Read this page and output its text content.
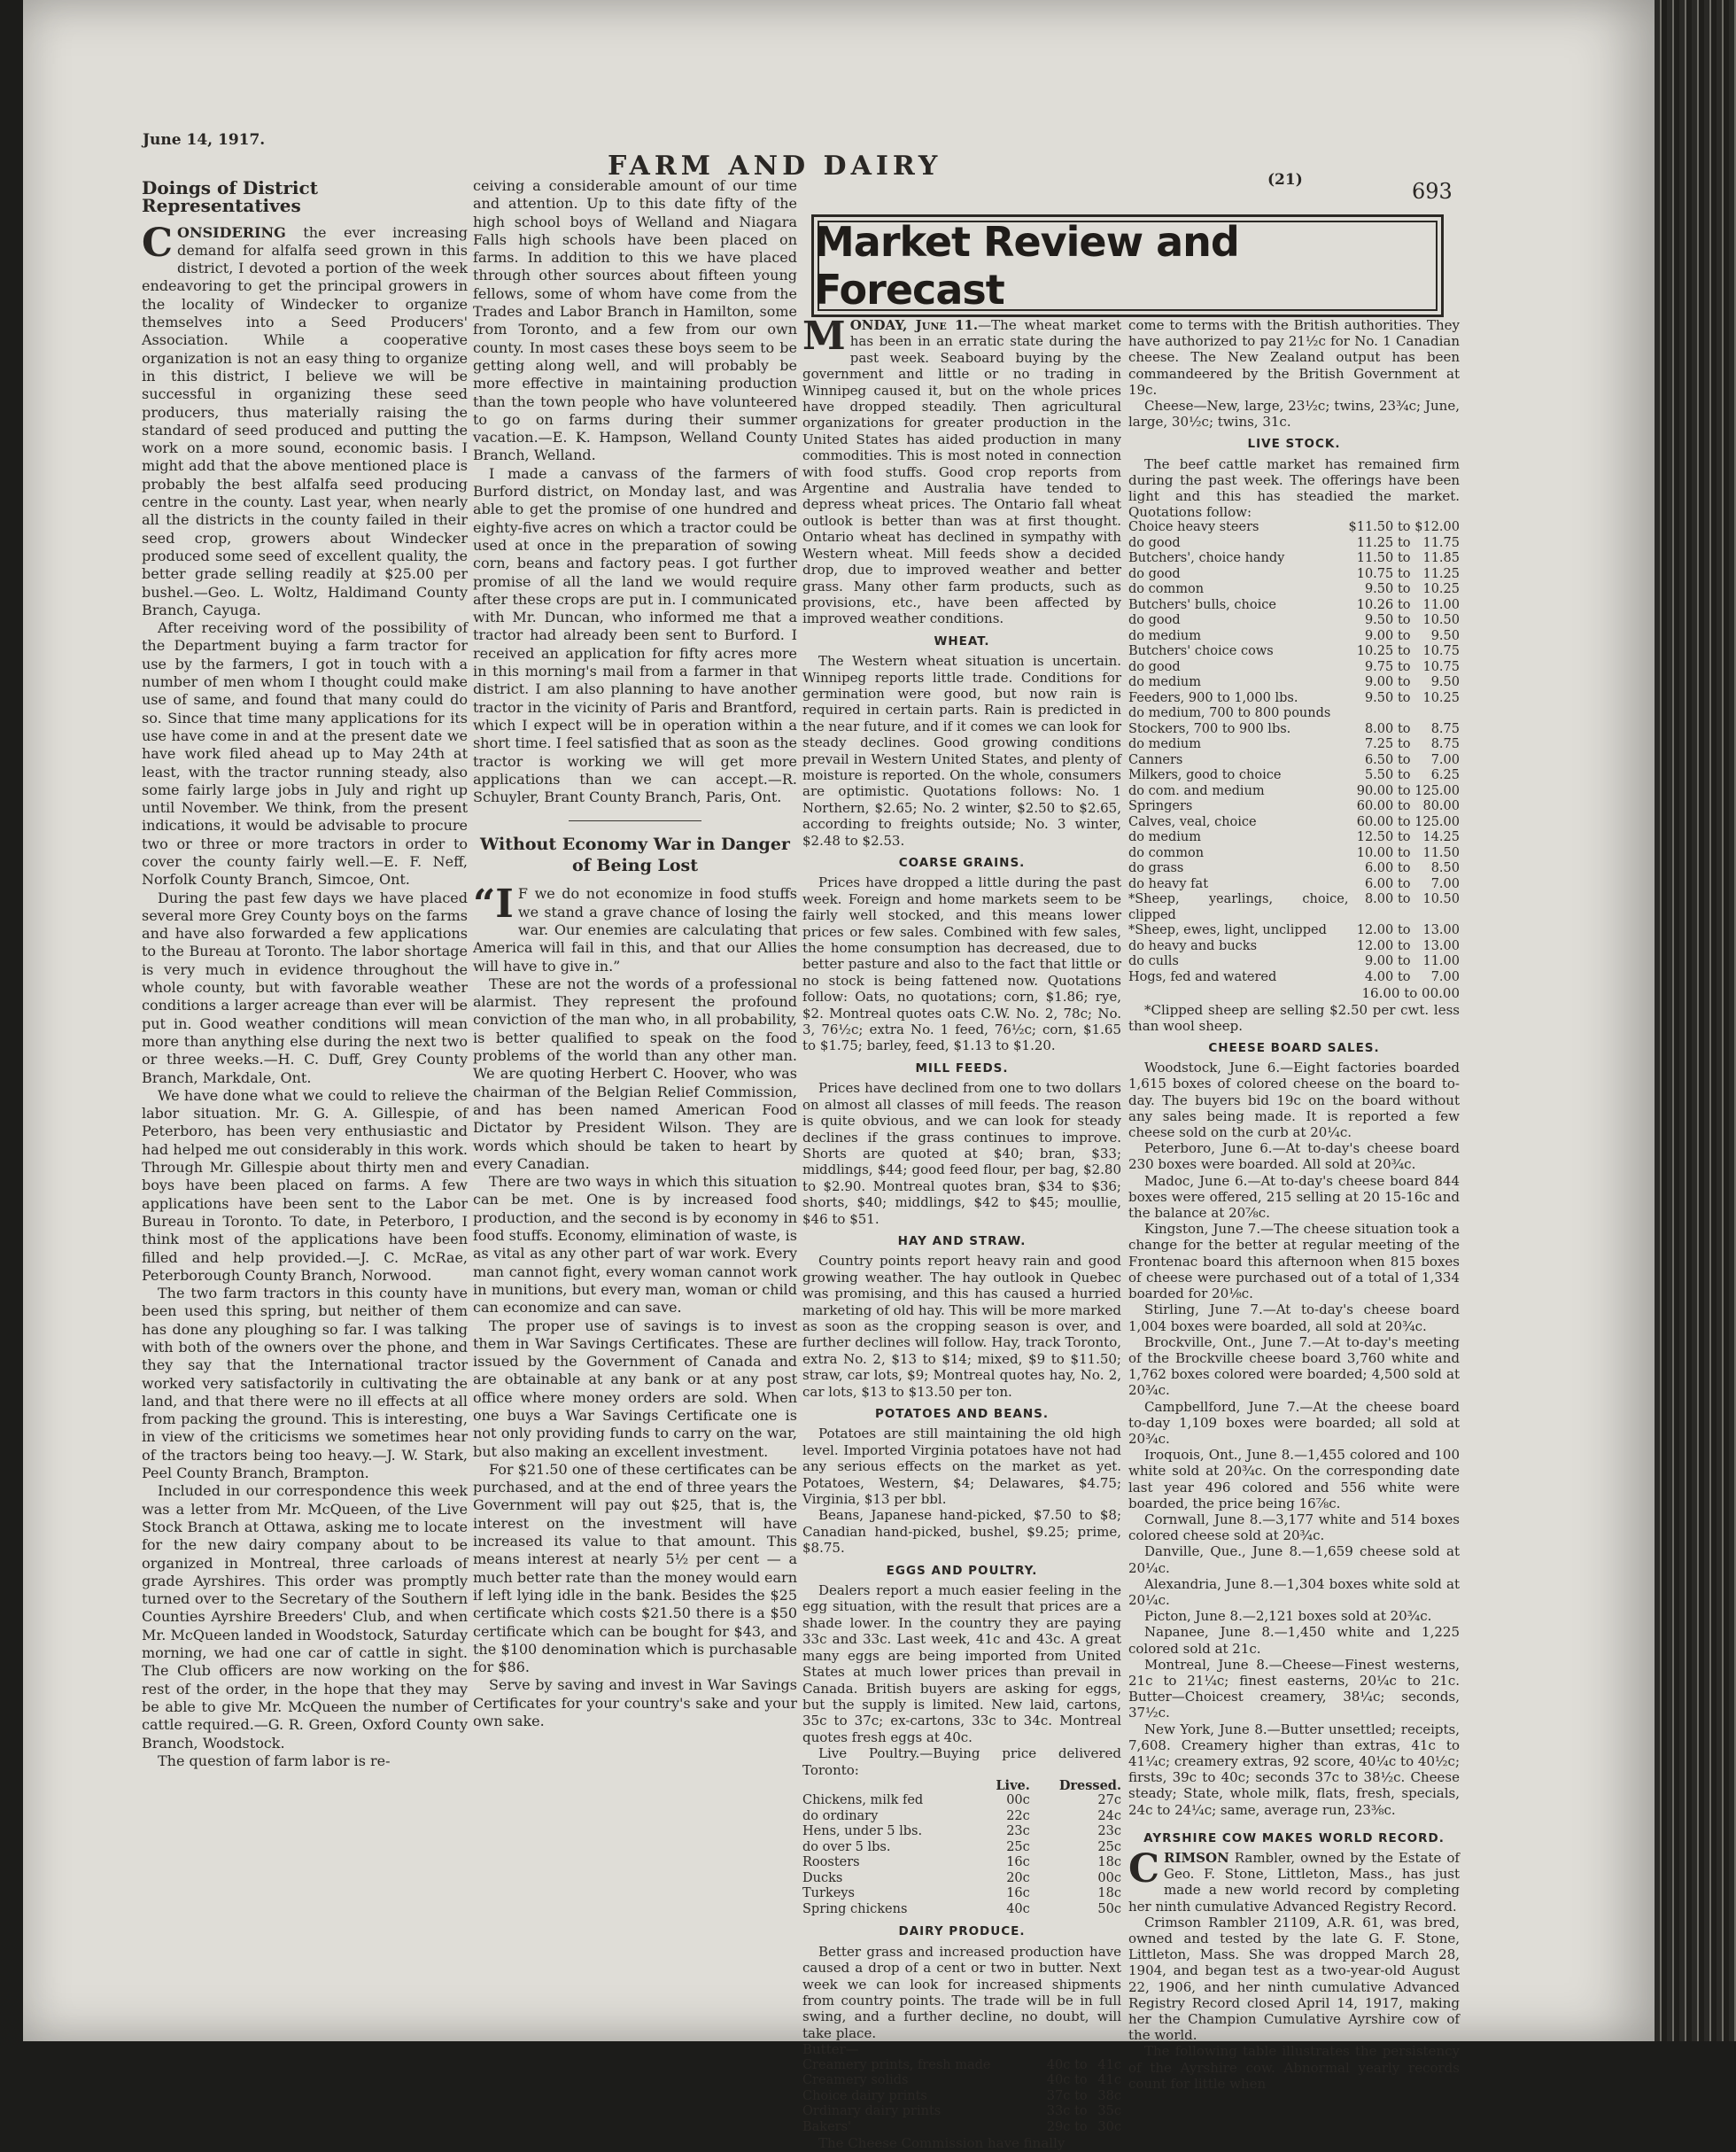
June 14, 1917.
FARM AND DAIRY	(21)	693
Market Review and Forecast
Doings of District Representatives

CONSIDERING the ever increasing demand for alfalfa seed grown in this district, I devoted a portion of the week endeavoring to get the principal growers in the locality of Windecker to organize themselves into a Seed Producers' Association. While a cooperative organization is not an easy thing to organize in this district, I believe we will be successful in organizing these seed producers, thus materially raising the standard of seed produced and putting the work on a more sound, economic basis. I might add that the above mentioned place is probably the best alfalfa seed producing centre in the county. Last year, when nearly all the districts in the county failed in their seed crop, growers about Windecker produced some seed of excellent quality, the better grade selling readily at $25.00 per bushel.—Geo. L. Woltz, Haldimand County Branch, Cayuga.

After receiving word of the possibility of the Department buying a farm tractor for use by the farmers, I got in touch with a number of men whom I thought could make use of same, and found that many could do so. Since that time many applications for its use have come in and at the present date we have work filed ahead up to May 24th at least, with the tractor running steady, also some fairly large jobs in July and right up until November. We think, from the present indications, it would be advisable to procure two or three or more tractors in order to cover the county fairly well.—E. F. Neff, Norfolk County Branch, Simcoe, Ont.

During the past few days we have placed several more Grey County boys on the farms and have also forwarded a few applications to the Bureau at Toronto. The labor shortage is very much in evidence throughout the whole county, but with favorable weather conditions a larger acreage than ever will be put in. Good weather conditions will mean more than anything else during the next two or three weeks.—H. C. Duff, Grey County Branch, Markdale, Ont.

We have done what we could to relieve the labor situation. Mr. G. A. Gillespie, of Peterboro, has been very enthusiastic and had helped me out considerably in this work. Through Mr. Gillespie about thirty men and boys have been placed on farms. A few applications have been sent to the Labor Bureau in Toronto. To date, in Peterboro, I think most of the applications have been filled and help provided.—J. C. McRae, Peterborough County Branch, Norwood.

The two farm tractors in this county have been used this spring, but neither of them has done any ploughing so far. I was talking with both of the owners over the phone, and they say that the International tractor worked very satisfactorily in cultivating the land, and that there were no ill effects at all from packing the ground. This is interesting, in view of the criticisms we sometimes hear of the tractors being too heavy.—J. W. Stark, Peel County Branch, Brampton.

Included in our correspondence this week was a letter from Mr. McQueen, of the Live Stock Branch at Ottawa, asking me to locate for the new dairy company about to be organized in Montreal, three carloads of grade Ayrshires. This order was promptly turned over to the Secretary of the Southern Counties Ayrshire Breeders' Club, and when Mr. McQueen landed in Woodstock, Saturday morning, we had one car of cattle in sight. The Club officers are now working on the rest of the order, in the hope that they may be able to give Mr. McQueen the number of cattle required.—G. R. Green, Oxford County Branch, Woodstock.

The question of farm labor is re-

ceiving a considerable amount of our time and attention. Up to this date fifty of the high school boys of Welland and Niagara Falls high schools have been placed on farms. In addition to this we have placed through other sources about fifteen young fellows, some of whom have come from the Trades and Labor Branch in Hamilton, some from Toronto, and a few from our own county. In most cases these boys seem to be getting along well, and will probably be more effective in maintaining production than the town people who have volunteered to go on farms during their summer vacation.—E. K. Hampson, Welland County Branch, Welland.

I made a canvass of the farmers of Burford district, on Monday last, and was able to get the promise of one hundred and eighty-five acres on which a tractor could be used at once in the preparation of sowing corn, beans and factory peas. I got further promise of all the land we would require after these crops are put in. I communicated with Mr. Duncan, who informed me that a tractor had already been sent to Burford. I received an application for fifty acres more in this morning's mail from a farmer in that district. I am also planning to have another tractor in the vicinity of Paris and Brantford, which I expect will be in operation within a short time. I feel satisfied that as soon as the tractor is working we will get more applications than we can accept.—R. Schuyler, Brant County Branch, Paris, Ont.

Without Economy War in Danger of Being Lost

“I F we do not economize in food stuffs we stand a grave chance of losing the war. Our enemies are calculating that America will fail in this, and that our Allies will have to give in.”

These are not the words of a professional alarmist. They represent the profound conviction of the man who, in all probability, is better qualified to speak on the food problems of the world than any other man. We are quoting Herbert C. Hoover, who was chairman of the Belgian Relief Commission, and has been named American Food Dictator by President Wilson. They are words which should be taken to heart by every Canadian.

There are two ways in which this situation can be met. One is by increased food production, and the second is by economy in food stuffs. Economy, elimination of waste, is as vital as any other part of war work. Every man cannot fight, every woman cannot work in munitions, but every man, woman or child can economize and can save.

The proper use of savings is to invest them in War Savings Certificates. These are issued by the Government of Canada and are obtainable at any bank or at any post office where money orders are sold. When one buys a War Savings Certificate one is not only providing funds to carry on the war, but also making an excellent investment.

For $21.50 one of these certificates can be purchased, and at the end of three years the Government will pay out $25, that is, the interest on the investment will have increased its value to that amount. This means interest at nearly 5½ per cent — a much better rate than the money would earn if left lying idle in the bank. Besides the $25 certificate which costs $21.50 there is a $50 certificate which can be bought for $43, and the $100 denomination which is purchasable for $86.

Serve by saving and invest in War Savings Certificates for your country's sake and your own sake.

MONDAY, June 11.—The wheat market has been in an erratic state during the past week. Seaboard buying by the government and little or no trading in Winnipeg caused it, but on the whole prices have dropped steadily. Then agricultural organizations for greater production in the United States has aided production in many commodities. This is most noted in connection with food stuffs. Good crop reports from Argentine and Australia have tended to depress wheat prices. The Ontario fall wheat outlook is better than was at first thought. Ontario wheat has declined in sympathy with Western wheat. Mill feeds show a decided drop, due to improved weather and better grass. Many other farm products, such as provisions, etc., have been affected by improved weather conditions.

WHEAT.

The Western wheat situation is uncertain. Winnipeg reports little trade. Conditions for germination were good, but now rain is required in certain parts. Rain is predicted in the near future, and if it comes we can look for steady declines. Good growing conditions prevail in Western United States, and plenty of moisture is reported. On the whole, consumers are optimistic. Quotations follows: No. 1 Northern, $2.65; No. 2 winter, $2.50 to $2.65, according to freights outside; No. 3 winter, $2.48 to $2.53.

COARSE GRAINS.

Prices have dropped a little during the past week. Foreign and home markets seem to be fairly well stocked, and this means lower prices or few sales. Combined with few sales, the home consumption has decreased, due to better pasture and also to the fact that little or no stock is being fattened now. Quotations follow: Oats, no quotations; corn, $1.86; rye, $2. Montreal quotes oats C.W. No. 2, 78c; No. 3, 76½c; extra No. 1 feed, 76½c; corn, $1.65 to $1.75; barley, feed, $1.13 to $1.20.

MILL FEEDS.

Prices have declined from one to two dollars on almost all classes of mill feeds. The reason is quite obvious, and we can look for steady declines if the grass continues to improve. Shorts are quoted at $40; bran, $33; middlings, $44; good feed flour, per bag, $2.80 to $2.90. Montreal quotes bran, $34 to $36; shorts, $40; middlings, $42 to $45; moullie, $46 to $51.

HAY AND STRAW.

Country points report heavy rain and good growing weather. The hay outlook in Quebec was promising, and this has caused a hurried marketing of old hay. This will be more marked as soon as the cropping season is over, and further declines will follow. Hay, track Toronto, extra No. 2, $13 to $14; mixed, $9 to $11.50; straw, car lots, $9; Montreal quotes hay, No. 2, car lots, $13 to $13.50 per ton.

POTATOES AND BEANS.

Potatoes are still maintaining the old high level. Imported Virginia potatoes have not had any serious effects on the market as yet. Potatoes, Western, $4; Delawares, $4.75; Virginia, $13 per bbl.

Beans, Japanese hand-picked, $7.50 to $8; Canadian hand-picked, bushel, $9.25; prime, $8.75.

EGGS AND POULTRY.

Dealers report a much easier feeling in the egg situation, with the result that prices are a shade lower. In the country they are paying 33c and 33c. Last week, 41c and 43c. A great many eggs are being imported from United States at much lower prices than prevail in Canada. British buyers are asking for eggs, but the supply is limited. New laid, cartons, 35c to 37c; ex-cartons, 33c to 34c. Montreal quotes fresh eggs at 40c.

Live Poultry.—Buying price delivered Toronto:

	Live.	Dressed.
Chickens, milk fed	00c	27c
do ordinary	22c	24c
Hens, under 5 lbs.	23c	23c
do over 5 lbs.	25c	25c
Roosters	16c	18c
Ducks	20c	00c
Turkeys	16c	18c
Spring chickens	40c	50c
DAIRY PRODUCE.

Better grass and increased production have caused a drop of a cent or two in butter. Next week we can look for increased shipments from country points. The trade will be in full swing, and a further decline, no doubt, will take place.

Butter—

Creamery prints, fresh made	40c	to	41c
Creamery solids	40c	to	41c
Choice dairy prints	37c	to	38c
Ordinary dairy prints	33c	to	35c
Bakers'	29c	to	30c

The Cheese Commission have finally

come to terms with the British authorities. They have authorized to pay 21½c for No. 1 Canadian cheese. The New Zealand output has been commandeered by the British Government at 19c.

Cheese—New, large, 23½c; twins, 23¾c; June, large, 30½c; twins, 31c.

LIVE STOCK.

The beef cattle market has remained firm during the past week. The offerings have been light and this has steadied the market. Quotations follow:

Choice heavy steers	$11.50	to	$12.00
do good	11.25	to	11.75
Butchers', choice handy	11.50	to	11.85
do good	10.75	to	11.25
do common	9.50	to	10.25
Butchers' bulls, choice	10.26	to	11.00
do good	9.50	to	10.50
do medium	9.00	to	9.50
Butchers' choice cows	10.25	to	10.75
do good	9.75	to	10.75
do medium	9.00	to	9.50
Feeders, 900 to 1,000 lbs.	9.50	to	10.25
do medium, 700 to 800 pounds			
Stockers, 700 to 900 lbs.	8.00	to	8.75
do medium	7.25	to	8.75
Canners	6.50	to	7.00
Milkers, good to choice	5.50	to	6.25
do com. and medium	90.00	to	125.00
Springers	60.00	to	80.00
Calves, veal, choice	60.00	to	125.00
do medium	12.50	to	14.25
do common	10.00	to	11.50
do grass	6.00	to	8.50
do heavy fat	6.00	to	7.00
*Sheep, yearlings, choice, clipped	8.00	to	10.50
*Sheep, ewes, light, unclipped	12.00	to	13.00
do heavy and bucks	12.00	to	13.00
do culls	9.00	to	11.00
Hogs, fed and watered	4.00	to	7.00

16.00 to 00.00

*Clipped sheep are selling $2.50 per cwt. less than wool sheep.

CHEESE BOARD SALES.

Woodstock, June 6.—Eight factories boarded 1,615 boxes of colored cheese on the board to-day. The buyers bid 19c on the board without any sales being made. It is reported a few cheese sold on the curb at 20¼c.

Peterboro, June 6.—At to-day's cheese board 230 boxes were boarded. All sold at 20¾c.

Madoc, June 6.—At to-day's cheese board 844 boxes were offered, 215 selling at 20 15-16c and the balance at 20⅞c.

Kingston, June 7.—The cheese situation took a change for the better at regular meeting of the Frontenac board this afternoon when 815 boxes of cheese were purchased out of a total of 1,334 boarded for 20⅛c.

Stirling, June 7.—At to-day's cheese board 1,004 boxes were boarded, all sold at 20¾c.

Brockville, Ont., June 7.—At to-day's meeting of the Brockville cheese board 3,760 white and 1,762 boxes colored were boarded; 4,500 sold at 20¾c.

Campbellford, June 7.—At the cheese board to-day 1,109 boxes were boarded; all sold at 20¾c.

Iroquois, Ont., June 8.—1,455 colored and 100 white sold at 20¾c. On the corresponding date last year 496 colored and 556 white were boarded, the price being 16⅞c.

Cornwall, June 8.—3,177 white and 514 boxes colored cheese sold at 20¾c.

Danville, Que., June 8.—1,659 cheese sold at 20¼c.

Alexandria, June 8.—1,304 boxes white sold at 20¼c.

Picton, June 8.—2,121 boxes sold at 20¾c.

Napanee, June 8.—1,450 white and 1,225 colored sold at 21c.

Montreal, June 8.—Cheese—Finest westerns, 21c to 21¼c; finest easterns, 20¼c to 21c. Butter—Choicest creamery, 38¼c; seconds, 37½c.

New York, June 8.—Butter unsettled; receipts, 7,608. Creamery higher than extras, 41c to 41¼c; creamery extras, 92 score, 40¼c to 40½c; firsts, 39c to 40c; seconds 37c to 38½c. Cheese steady; State, whole milk, flats, fresh, specials, 24c to 24¼c; same, average run, 23⅜c.

AYRSHIRE COW MAKES WORLD RECORD.

CRIMSON Rambler, owned by the Estate of Geo. F. Stone, Littleton, Mass., has just made a new world record by completing her ninth cumulative Advanced Registry Record.

Crimson Rambler 21109, A.R. 61, was bred, owned and tested by the late G. F. Stone, Littleton, Mass. She was dropped March 28, 1904, and began test as a two-year-old August 22, 1906, and her ninth cumulative Advanced Registry Record closed April 14, 1917, making her the Champion Cumulative Ayrshire cow of the world.

The following table illustrates the persistency of the Ayrshire cow. Abnormal yearly records count for little when
